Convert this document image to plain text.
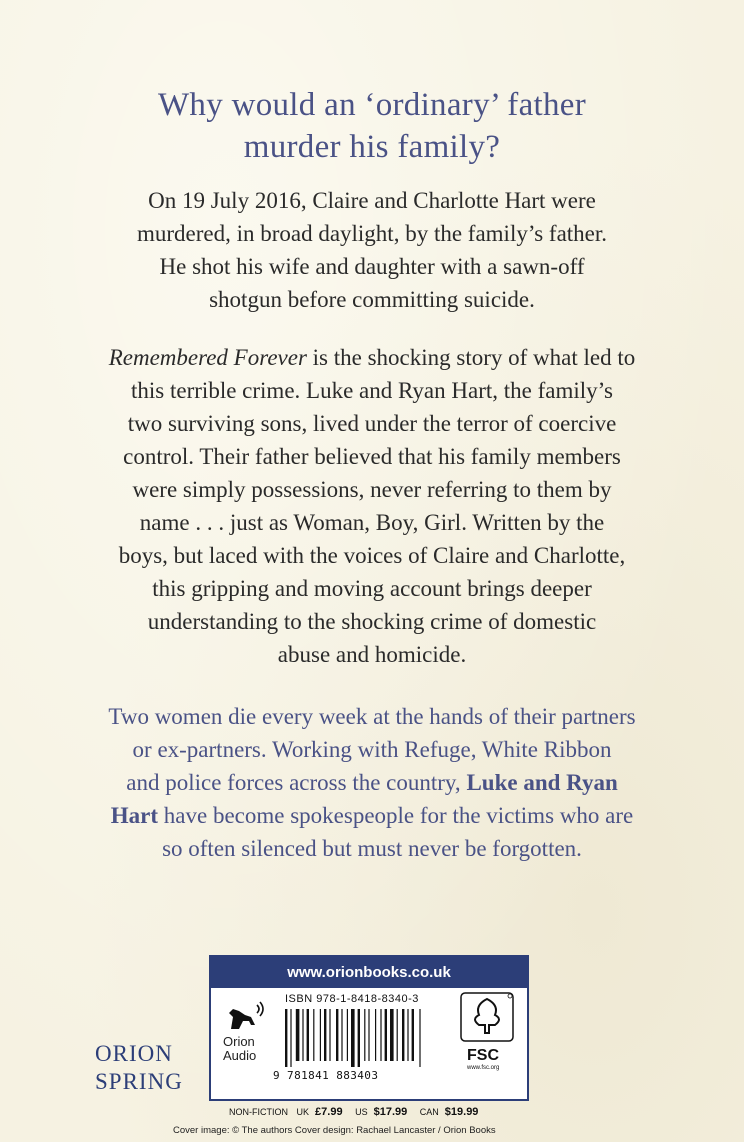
Why would an ‘ordinary’ father
murder his family?
On 19 July 2016, Claire and Charlotte Hart were
murdered, in broad daylight, by the family’s father.
He shot his wife and daughter with a sawn-off
shotgun before committing suicide.
Remembered Forever is the shocking story of what led to
this terrible crime. Luke and Ryan Hart, the family’s
two surviving sons, lived under the terror of coercive
control. Their father believed that his family members
were simply possessions, never referring to them by
name . . . just as Woman, Boy, Girl. Written by the
boys, but laced with the voices of Claire and Charlotte,
this gripping and moving account brings deeper
understanding to the shocking crime of domestic
abuse and homicide.
Two women die every week at the hands of their partners
or ex-partners. Working with Refuge, White Ribbon
and police forces across the country, Luke and Ryan
Hart have become spokespeople for the victims who are
so often silenced but must never be forgotten.
ORION
SPRING
www.orionbooks.co.uk
Orion
Audio
ISBN 978-1-8418-8340-3
9 781841 883403
FSC
www.fsc.org
NON-FICTION UK £7.99 US $17.99 CAN $19.99
Cover image: © The authors Cover design: Rachael Lancaster / Orion Books
